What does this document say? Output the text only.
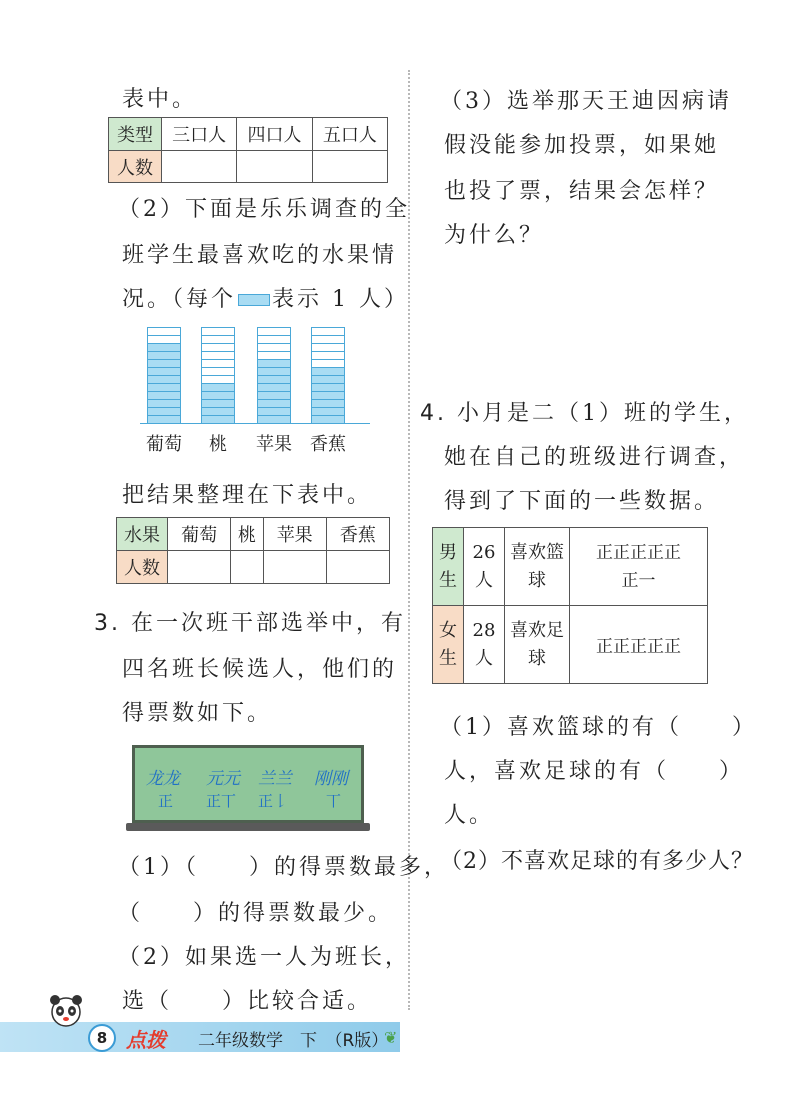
表中。
类型	三口人	四口人	五口人
人数			
（2）下面是乐乐调查的全
班学生最喜欢吃的水果情
况。（每个 表示 1 人）
葡萄 桃 苹果 香蕉
把结果整理在下表中。
水果	葡萄	桃	苹果	香蕉
人数				
3. 在一次班干部选举中，有
四名班长候选人，他们的
得票数如下。
龙龙 元元 兰兰 刚刚
正 正丅 正𠄌	丅
（1）（　　）的得票数最多，
（　　）的得票数最少。
（2）如果选一人为班长，
选（　　）比较合适。
（3）选举那天王迪因病请
假没能参加投票，如果她
也投了票，结果会怎样？
为什么？
4. 小月是二（1）班的学生，
她在自己的班级进行调查，
得到了下面的一些数据。
男生	26人	喜欢篮球	正正正正正
正一
女生	28人	喜欢足球	正正正正正
（1）喜欢篮球的有（　　）
人，喜欢足球的有（　　）
人。
（2）不喜欢足球的有多少人？
8 点拨 二年级数学　下　（R版）
❦
